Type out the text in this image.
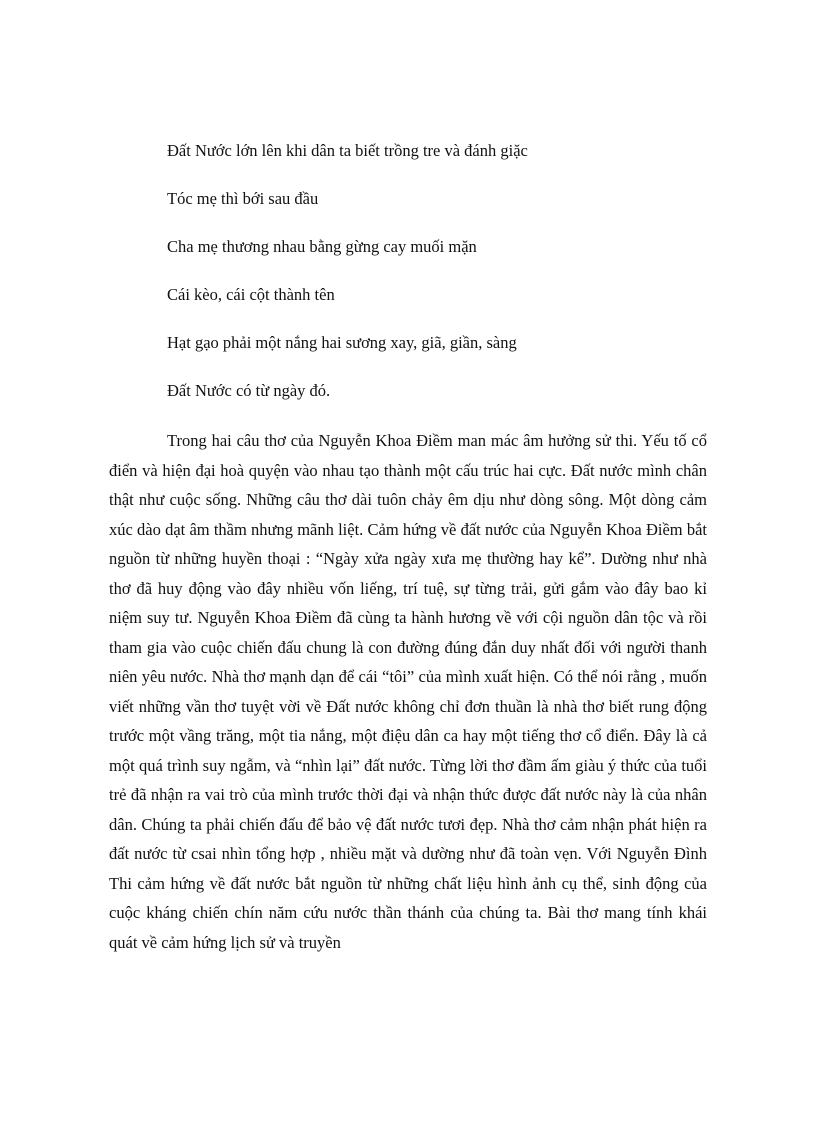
Đất Nước lớn lên khi dân ta biết trồng tre và đánh giặc
Tóc mẹ thì bới sau đầu
Cha mẹ thương nhau bằng gừng cay muối mặn
Cái kèo, cái cột thành tên
Hạt gạo phải một nắng hai sương xay, giã, giần, sàng
Đất Nước có từ ngày đó.

Trong hai câu thơ của Nguyễn Khoa Điềm man mác âm hưởng sử thi. Yếu tố cổ điển và hiện đại hoà quyện vào nhau tạo thành một cấu trúc hai cực. Đất nước mình chân thật như cuộc sống. Những câu thơ dài tuôn chảy êm dịu như dòng sông. Một dòng cảm xúc dào dạt âm thầm nhưng mãnh liệt. Cảm hứng về đất nước của Nguyễn Khoa Điềm bắt nguồn từ những huyền thoại : “Ngày xửa ngày xưa mẹ thường hay kể”. Dường như nhà thơ đã huy động vào đây nhiều vốn liếng, trí tuệ, sự từng trải, gửi gắm vào đây bao kỉ niệm suy tư. Nguyễn Khoa Điềm đã cùng ta hành hương về với cội nguồn dân tộc và rồi tham gia vào cuộc chiến đấu chung là con đường đúng đắn duy nhất đối với người thanh niên yêu nước. Nhà thơ mạnh dạn để cái “tôi” của mình xuất hiện. Có thể nói rằng , muốn viết những vần thơ tuyệt vời về Đất nước không chỉ đơn thuần là nhà thơ biết rung động trước một vầng trăng, một tia nắng, một điệu dân ca hay một tiếng thơ cổ điển. Đây là cả một quá trình suy ngẫm, và “nhìn lại” đất nước. Từng lời thơ đầm ấm giàu ý thức của tuổi trẻ đã nhận ra vai trò của mình trước thời đại và nhận thức được đất nước này là của nhân dân. Chúng ta phải chiến đấu để bảo vệ đất nước tươi đẹp. Nhà thơ cảm nhận phát hiện ra đất nước từ csai nhìn tổng hợp , nhiều mặt và dường như đã toàn vẹn. Với Nguyễn Đình Thi cảm hứng về đất nước bắt nguồn từ những chất liệu hình ảnh cụ thể, sinh động của cuộc kháng chiến chín năm cứu nước thần thánh của chúng ta. Bài thơ mang tính khái quát về cảm hứng lịch sử và truyền
